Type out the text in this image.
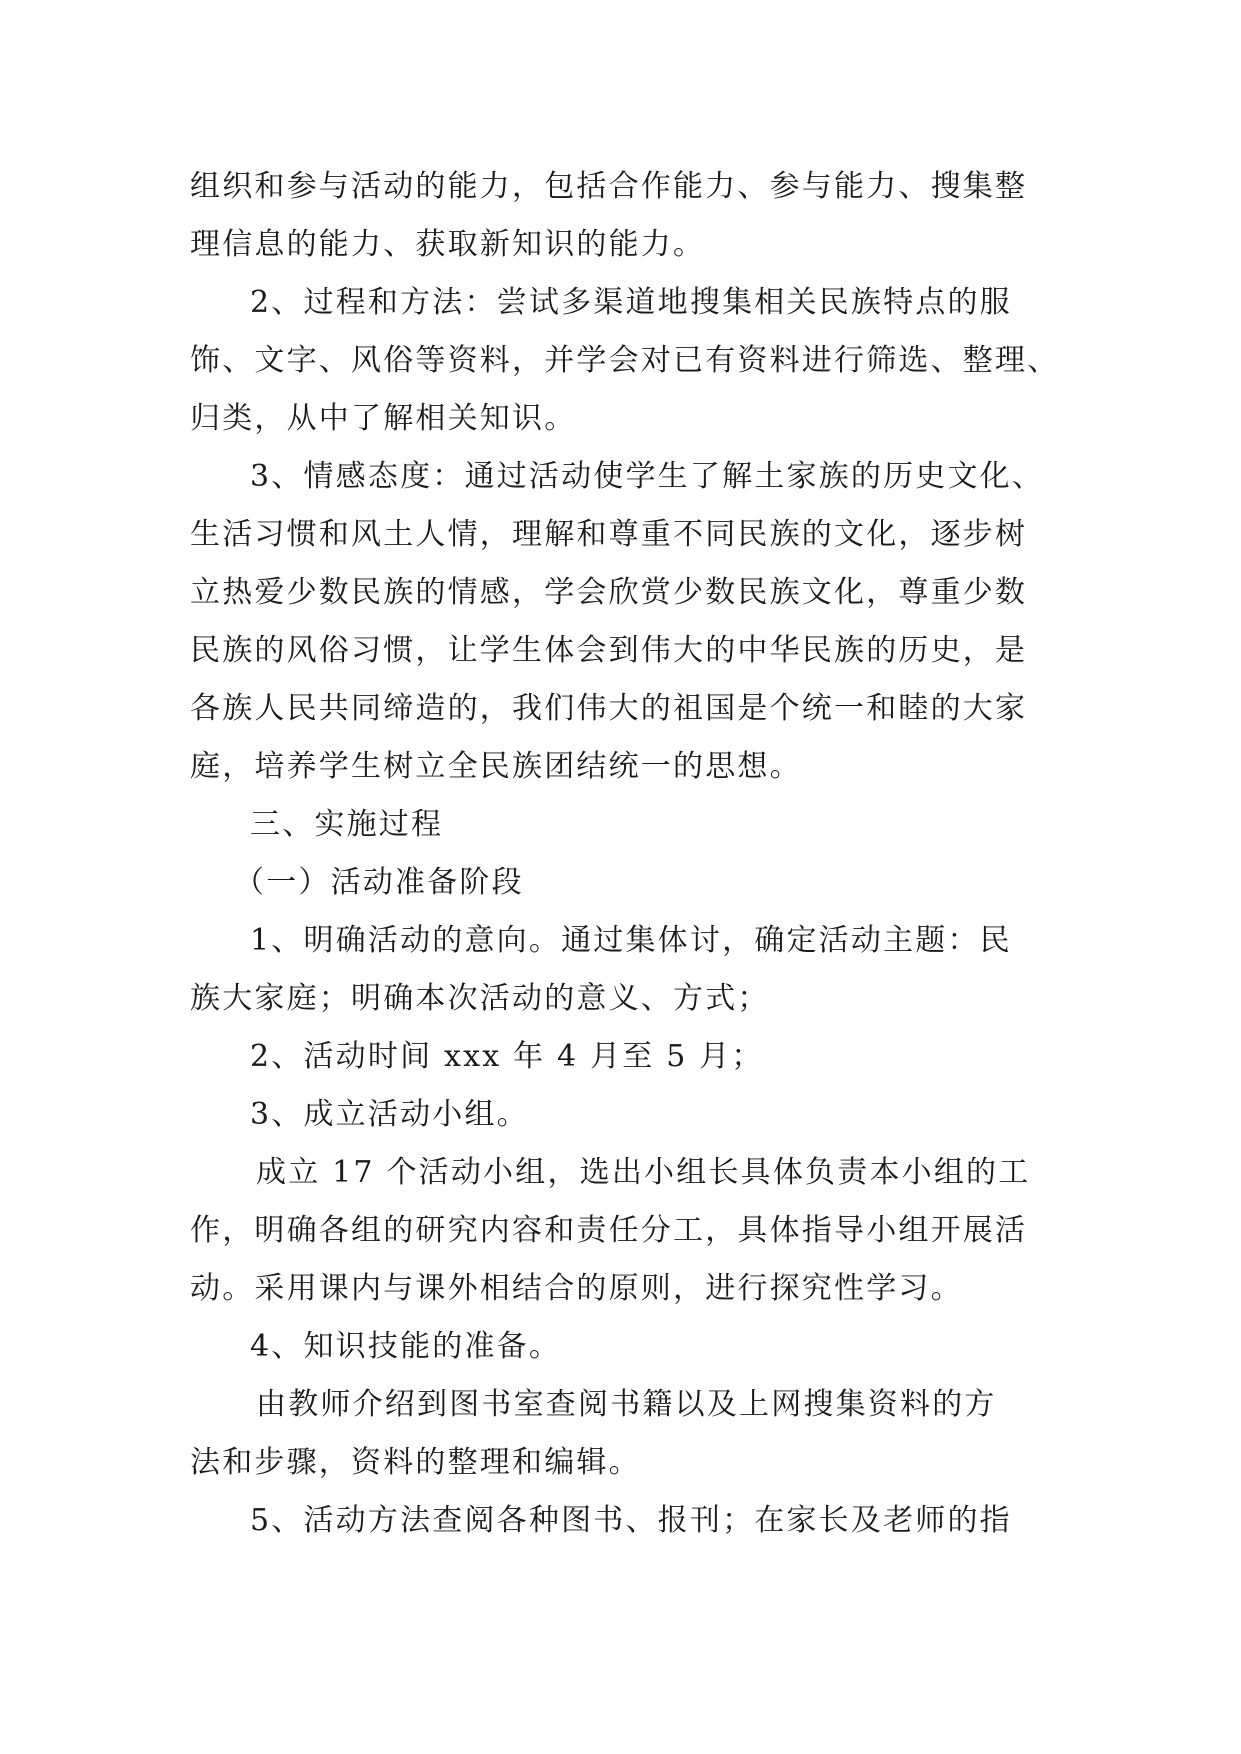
组织和参与活动的能力，包括合作能力、参与能力、搜集整
理信息的能力、获取新知识的能力。
2、过程和方法：尝试多渠道地搜集相关民族特点的服
饰、文字、风俗等资料，并学会对已有资料进行筛选、整理、
归类，从中了解相关知识。
3、情感态度：通过活动使学生了解土家族的历史文化、
生活习惯和风土人情，理解和尊重不同民族的文化，逐步树
立热爱少数民族的情感，学会欣赏少数民族文化，尊重少数
民族的风俗习惯，让学生体会到伟大的中华民族的历史，是
各族人民共同缔造的，我们伟大的祖国是个统一和睦的大家
庭，培养学生树立全民族团结统一的思想。
三、实施过程
（一）活动准备阶段
1、明确活动的意向。通过集体讨，确定活动主题：民
族大家庭；明确本次活动的意义、方式；
2、活动时间 xxx 年 4 月至 5 月；
3、成立活动小组。
成立 17 个活动小组，选出小组长具体负责本小组的工
作，明确各组的研究内容和责任分工，具体指导小组开展活
动。采用课内与课外相结合的原则，进行探究性学习。
4、知识技能的准备。
由教师介绍到图书室查阅书籍以及上网搜集资料的方
法和步骤，资料的整理和编辑。
5、活动方法查阅各种图书、报刊；在家长及老师的指
